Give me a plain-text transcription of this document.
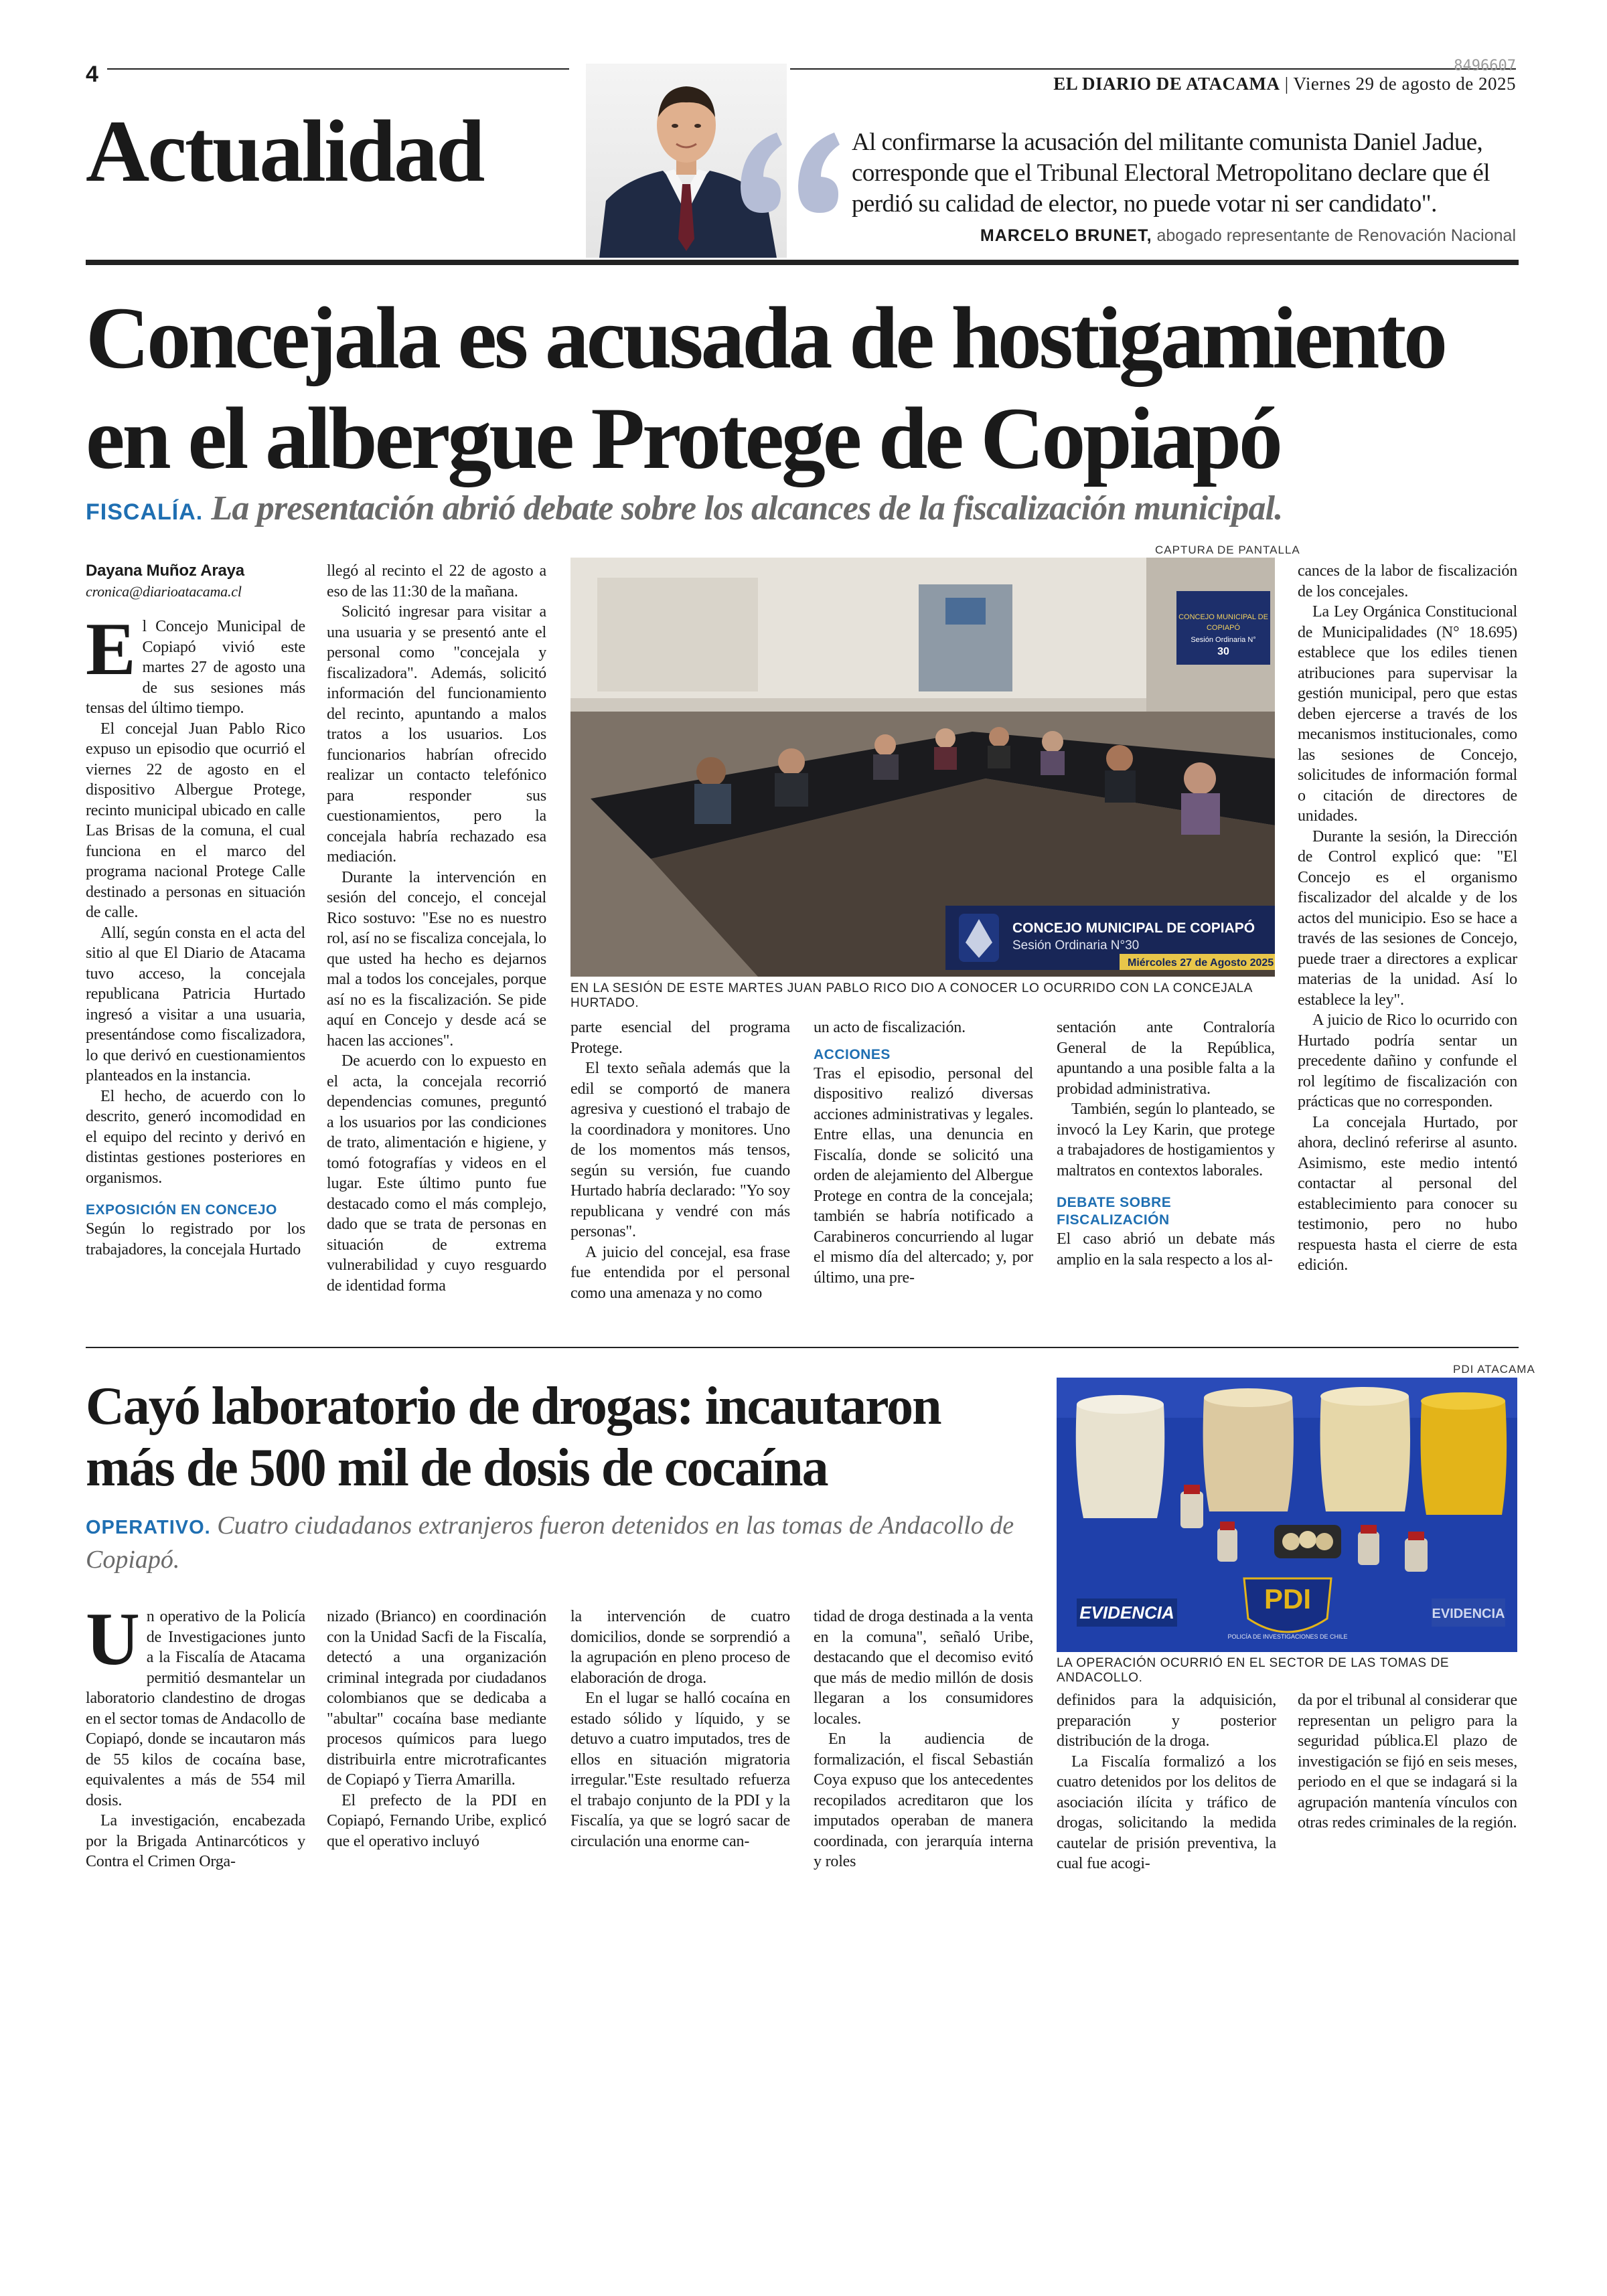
4	8496607
EL DIARIO DE ATACAMA | Viernes 29 de agosto de 2025
Actualidad	Al confirmarse la acusación del militante comunista Daniel Jadue, corresponde que el Tribunal Electoral Metropolitano declare que él perdió su calidad de elector, no puede votar ni ser candidato".
MARCELO BRUNET, abogado representante de Renovación Nacional
Concejala es acusada de hostigamiento en el albergue Protege de Copiapó
FISCALÍA. La presentación abrió debate sobre los alcances de la fiscalización municipal.

Dayana Muñoz Araya

cronica@diarioatacama.cl

El Concejo Municipal de Copiapó vivió este martes 27 de agosto una de sus sesiones más tensas del último tiempo.

El concejal Juan Pablo Rico expuso un episodio que ocurrió el viernes 22 de agosto en el dispositivo Albergue Protege, recinto municipal ubicado en calle Las Brisas de la comuna, el cual funciona en el marco del programa nacional Protege Calle destinado a personas en situación de calle.

Allí, según consta en el acta del sitio al que El Diario de Atacama tuvo acceso, la concejala republicana Patricia Hurtado ingresó a visitar a una usuaria, presentándose como fiscalizadora, lo que derivó en cuestionamientos planteados en la instancia.

El hecho, de acuerdo con lo descrito, generó incomodidad en el equipo del recinto y derivó en distintas gestiones posteriores en organismos.

EXPOSICIÓN EN CONCEJO

Según lo registrado por los trabajadores, la concejala Hurtado

llegó al recinto el 22 de agosto a eso de las 11:30 de la mañana.

Solicitó ingresar para visitar a una usuaria y se presentó ante el personal como "concejala y fiscalizadora". Además, solicitó información del funcionamiento del recinto, apuntando a malos tratos a los usuarios. Los funcionarios habrían ofrecido realizar un contacto telefónico para responder sus cuestionamientos, pero la concejala habría rechazado esa mediación.

Durante la intervención en sesión del concejo, el concejal Rico sostuvo: "Ese no es nuestro rol, así no se fiscaliza concejala, lo que usted ha hecho es dejarnos mal a todos los concejales, porque así no es la fiscalización. Se pide aquí en Concejo y desde acá se hacen las acciones".

De acuerdo con lo expuesto en el acta, la concejala recorrió dependencias comunes, preguntó a los usuarios por las condiciones de trato, alimentación e higiene, y tomó fotografías y videos en el lugar. Este último punto fue destacado como el más complejo, dado que se trata de personas en situación de extrema vulnerabilidad y cuyo resguardo de identidad forma

CAPTURA DE PANTALLA
CONCEJO MUNICIPAL DE
COPIAPÓ
Sesión Ordinaria N°
30
CONCEJO MUNICIPAL DE COPIAPÓ
Sesión Ordinaria N°30
Miércoles 27 de Agosto 2025
EN LA SESIÓN DE ESTE MARTES JUAN PABLO RICO DIO A CONOCER LO OCURRIDO CON LA CONCEJALA HURTADO.

parte esencial del programa Protege.

El texto señala además que la edil se comportó de manera agresiva y cuestionó el trabajo de la coordinadora y monitores. Uno de los momentos más tensos, según su versión, fue cuando Hurtado habría declarado: "Yo soy republicana y vendré con más personas".

A juicio del concejal, esa frase fue entendida por el personal como una amenaza y no como

un acto de fiscalización.

ACCIONES

Tras el episodio, personal del dispositivo realizó diversas acciones administrativas y legales. Entre ellas, una denuncia en Fiscalía, donde se solicitó una orden de alejamiento del Albergue Protege en contra de la concejala; también se habría notificado a Carabineros concurriendo al lugar el mismo día del altercado; y, por último, una pre-

sentación ante Contraloría General de la República, apuntando a una posible falta a la probidad administrativa.

También, según lo planteado, se invocó la Ley Karin, que protege a trabajadores de hostigamientos y maltratos en contextos laborales.

DEBATE SOBRE

FISCALIZACIÓN

El caso abrió un debate más amplio en la sala respecto a los al-

cances de la labor de fiscalización de los concejales.

La Ley Orgánica Constitucional de Municipalidades (N° 18.695) establece que los ediles tienen atribuciones para supervisar la gestión municipal, pero que estas deben ejercerse a través de los mecanismos institucionales, como las sesiones de Concejo, solicitudes de información formal o citación de directores de unidades.

Durante la sesión, la Dirección de Control explicó que: "El Concejo es el organismo fiscalizador del alcalde y de los actos del municipio. Eso se hace a través de las sesiones de Concejo, puede traer a directores a explicar materias de la unidad. Así lo establece la ley".

A juicio de Rico lo ocurrido con Hurtado podría sentar un precedente dañino y confunde el rol legítimo de fiscalización con prácticas que no corresponden.

La concejala Hurtado, por ahora, declinó referirse al asunto. Asimismo, este medio intentó contactar al personal del establecimiento para conocer su testimonio, pero no hubo respuesta hasta el cierre de esta edición.

Cayó laboratorio de drogas: incautaron más de 500 mil de dosis de cocaína
OPERATIVO. Cuatro ciudadanos extranjeros fueron detenidos en las tomas de Andacollo de Copiapó.
PDI ATACAMA
EVIDENCIA	EVIDENCIA
PDI
POLICÍA DE INVESTIGACIONES DE CHILE
LA OPERACIÓN OCURRIÓ EN EL SECTOR DE LAS TOMAS DE ANDACOLLO.

Un operativo de la Policía de Investigaciones junto a la Fiscalía de Atacama permitió desmantelar un laboratorio clandestino de drogas en el sector tomas de Andacollo de Copiapó, donde se incautaron más de 55 kilos de cocaína base, equivalentes a más de 554 mil dosis.

La investigación, encabezada por la Brigada Antinarcóticos y Contra el Crimen Orga-

nizado (Brianco) en coordinación con la Unidad Sacfi de la Fiscalía, detectó a una organización criminal integrada por ciudadanos colombianos que se dedicaba a "abultar" cocaína base mediante procesos químicos para luego distribuirla entre microtraficantes de Copiapó y Tierra Amarilla.

El prefecto de la PDI en Copiapó, Fernando Uribe, explicó que el operativo incluyó

la intervención de cuatro domicilios, donde se sorprendió a la agrupación en pleno proceso de elaboración de droga.

En el lugar se halló cocaína en estado sólido y líquido, y se detuvo a cuatro imputados, tres de ellos en situación migratoria irregular."Este resultado refuerza el trabajo conjunto de la PDI y la Fiscalía, ya que se logró sacar de circulación una enorme can-

tidad de droga destinada a la venta en la comuna", señaló Uribe, destacando que el decomiso evitó que más de medio millón de dosis llegaran a los consumidores locales.

En la audiencia de formalización, el fiscal Sebastián Coya expuso que los antecedentes recopilados acreditaron que los imputados operaban de manera coordinada, con jerarquía interna y roles

definidos para la adquisición, preparación y posterior distribución de la droga.

La Fiscalía formalizó a los cuatro detenidos por los delitos de asociación ilícita y tráfico de drogas, solicitando la medida cautelar de prisión preventiva, la cual fue acogi-

da por el tribunal al considerar que representan un peligro para la seguridad pública.El plazo de investigación se fijó en seis meses, periodo en el que se indagará si la agrupación mantenía vínculos con otras redes criminales de la región.
